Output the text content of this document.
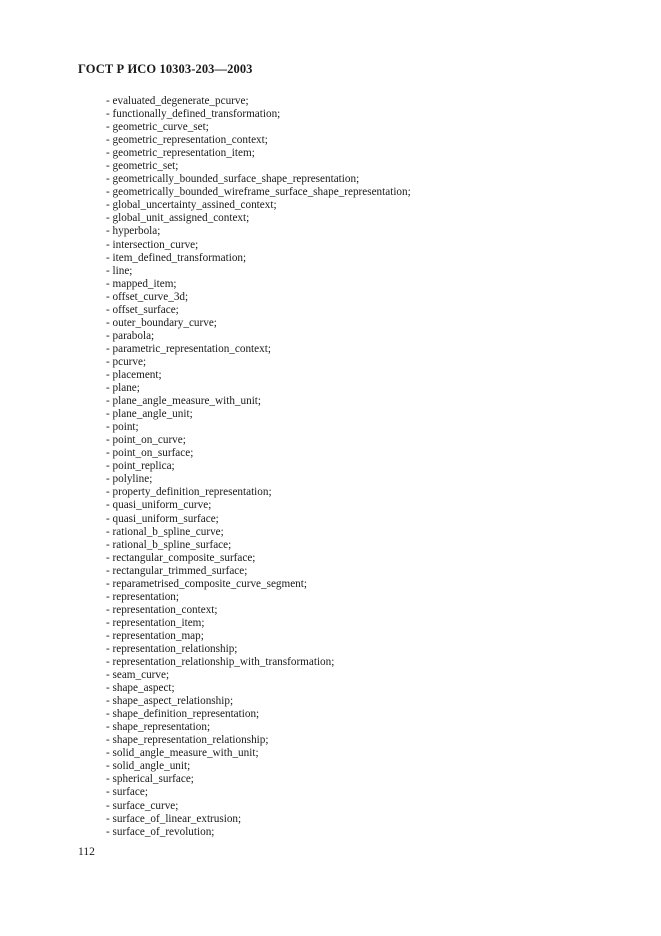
ГОСТ Р ИСО 10303-203—2003
- evaluated_degenerate_pcurve;
- functionally_defined_transformation;
- geometric_curve_set;
- geometric_representation_context;
- geometric_representation_item;
- geometric_set;
- geometrically_bounded_surface_shape_representation;
- geometrically_bounded_wireframe_surface_shape_representation;
- global_uncertainty_assined_context;
- global_unit_assigned_context;
- hyperbola;
- intersection_curve;
- item_defined_transformation;
- line;
- mapped_item;
- offset_curve_3d;
- offset_surface;
- outer_boundary_curve;
- parabola;
- parametric_representation_context;
- pcurve;
- placement;
- plane;
- plane_angle_measure_with_unit;
- plane_angle_unit;
- point;
- point_on_curve;
- point_on_surface;
- point_replica;
- polyline;
- property_definition_representation;
- quasi_uniform_curve;
- quasi_uniform_surface;
- rational_b_spline_curve;
- rational_b_spline_surface;
- rectangular_composite_surface;
- rectangular_trimmed_surface;
- reparametrised_composite_curve_segment;
- representation;
- representation_context;
- representation_item;
- representation_map;
- representation_relationship;
- representation_relationship_with_transformation;
- seam_curve;
- shape_aspect;
- shape_aspect_relationship;
- shape_definition_representation;
- shape_representation;
- shape_representation_relationship;
- solid_angle_measure_with_unit;
- solid_angle_unit;
- spherical_surface;
- surface;
- surface_curve;
- surface_of_linear_extrusion;
- surface_of_revolution;
112
